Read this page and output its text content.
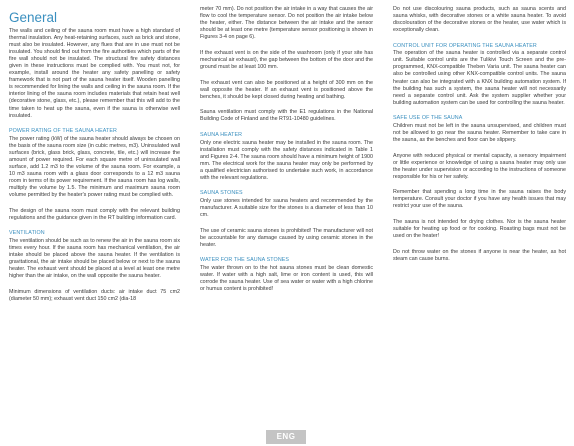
General

The walls and ceiling of the sauna room must have a high standard of thermal insulation. Any heat-retaining surfaces, such as brick and stone, must also be insulated. However, any flues that are in use must not be insulated. You should find out from the fire authorities which parts of the fire wall should not be insulated. The structural fire safety distances given in these instructions must be complied with. You must not, for example, install around the heater any safety panelling or safety framework that is not part of the sauna heater itself. Wooden panelling is recommended for lining the walls and ceiling in the sauna room. If the interior lining of the sauna room includes materials that retain heat well (decorative stone, glass, etc.), please remember that this will add to the time taken to heat up the sauna, even if the sauna is otherwise well insulated.

POWER RATING OF THE SAUNA HEATER

The power rating (kW) of the sauna heater should always be chosen on the basis of the sauna room size (in cubic metres, m3). Uninsulated wall surfaces (brick, glass brick, glass, concrete, tile, etc.) will increase the amount of power required. For each square metre of uninsulated wall surface, add 1.2 m3 to the volume of the sauna room. For example, a 10 m3 sauna room with a glass door corresponds to a 12 m3 sauna room in terms of its power requirement. If the sauna room has log walls, multiply the volume by 1.5. The minimum and maximum sauna room volume permitted by the heater's power rating must be complied with.

The design of the sauna room must comply with the relevant building regulations and the guidance given in the RT building information card.

VENTILATION

The ventilation should be such as to renew the air in the sauna room six times every hour. If the sauna room has mechanical ventilation, the air intake should be placed above the sauna heater. If the ventilation is gravitational, the air intake should be placed below or next to the sauna heater. The exhaust vent should be placed at a level at least one metre higher than the air intake, on the wall opposite the sauna heater.

Minimum dimensions of ventilation ducts: air intake duct 75 cm2 (diameter 50 mm); exhaust vent duct 150 cm2 (dia-18

meter 70 mm). Do not position the air intake in a way that causes the air flow to cool the temperature sensor. Do not position the air intake below the heater, either. The distance between the air intake and the sensor should be at least one metre (temperature sensor positioning is shown in Figures 3-4 on page 6).

If the exhaust vent is on the side of the washroom (only if your site has mechanical air exhaust), the gap between the bottom of the door and the ground must be at least 100 mm.

The exhaust vent can also be positioned at a height of 300 mm on the wall opposite the heater. If an exhaust vent is positioned above the benches, it should be kept closed during heating and bathing.

Sauna ventilation must comply with the E1 regulations in the National Building Code of Finland and the RT91-10480 guidelines.

SAUNA HEATER

Only one electric sauna heater may be installed in the sauna room. The installation must comply with the safety distances indicated in Table 1 and Figures 2-4. The sauna room should have a minimum height of 1900 mm. The electrical work for the sauna heater may only be performed by a qualified electrician authorised to undertake such work, in accordance with the relevant regulations.

SAUNA STONES

Only use stones intended for sauna heaters and recommended by the manufacturer. A suitable size for the stones is a diameter of less than 10 cm.

The use of ceramic sauna stones is prohibited! The manufacturer will not be accountable for any damage caused by using ceramic stones in the heater.

WATER FOR THE SAUNA STONES

The water thrown on to the hot sauna stones must be clean domestic water. If water with a high salt, lime or iron content is used, this will corrode the sauna heater. Use of sea water or water with a high chlorine or humus content is prohibited!

Do not use discolouring sauna products, such as sauna scents and sauna whisks, with decorative stones or a white sauna heater. To avoid discolouration of the decorative stones or the heater, use water which is exceptionally clean.

CONTROL UNIT FOR OPERATING THE SAUNA HEATER

The operation of the sauna heater is controlled via a separate control unit. Suitable control units are the Tulikivi Touch Screen and the pre-programmed, KNX-compatible Theben Varia unit. The sauna heater can also be controlled using other KNX-compatible control units. The sauna heater can also be integrated with a KNX building automation system. If the building has such a system, the sauna heater will not necessarily need a separate control unit. Ask the system supplier whether your building automation system can be used for controlling the sauna heater.

SAFE USE OF THE SAUNA

Children must not be left in the sauna unsupervised, and children must not be allowed to go near the sauna heater. Remember to take care in the sauna, as the benches and floor can be slippery.

Anyone with reduced physical or mental capacity, a sensory impairment or little experience or knowledge of using a sauna heater may only use the heater under supervision or according to the instructions of someone responsible for his or her safety.

Remember that spending a long time in the sauna raises the body temperature. Consult your doctor if you have any health issues that may restrict your use of the sauna.

The sauna is not intended for drying clothes. Nor is the sauna heater suitable for heating up food or for cooking. Roasting bags must not be used on the heater!

Do not throw water on the stones if anyone is near the heater, as hot steam can cause burns.

ENG
